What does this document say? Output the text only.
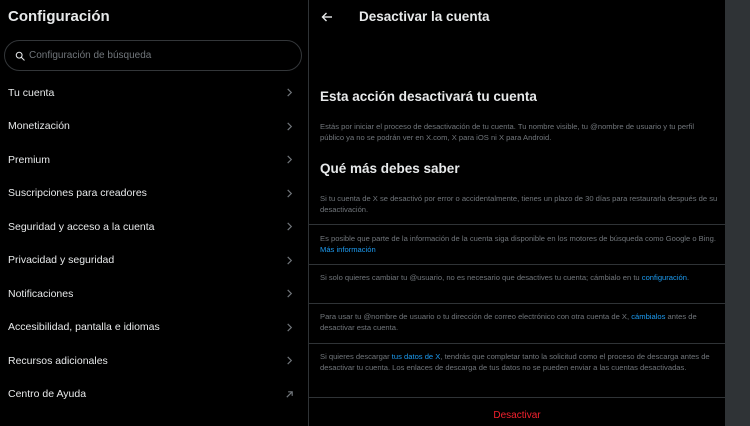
Configuración
Configuración de búsqueda
Tu cuenta
Monetización
Premium
Suscripciones para creadores
Seguridad y acceso a la cuenta
Privacidad y seguridad
Notificaciones
Accesibilidad, pantalla e idiomas
Recursos adicionales
Centro de Ayuda
Desactivar la cuenta
Esta acción desactivará tu cuenta
Estás por iniciar el proceso de desactivación de tu cuenta. Tu nombre visible, tu @nombre de usuario y tu perfil público ya no se podrán ver en X.com, X para iOS ni X para Android.
Qué más debes saber
Si tu cuenta de X se desactivó por error o accidentalmente, tienes un plazo de 30 días para restaurarla después de su desactivación.
Es posible que parte de la información de la cuenta siga disponible en los motores de búsqueda como Google o Bing. Más información
Si solo quieres cambiar tu @usuario, no es necesario que desactives tu cuenta; cámbialo en tu configuración.
Para usar tu @nombre de usuario o tu dirección de correo electrónico con otra cuenta de X, cámbialos antes de desactivar esta cuenta.
Si quieres descargar tus datos de X, tendrás que completar tanto la solicitud como el proceso de descarga antes de desactivar tu cuenta. Los enlaces de descarga de tus datos no se pueden enviar a las cuentas desactivadas.
Desactivar
